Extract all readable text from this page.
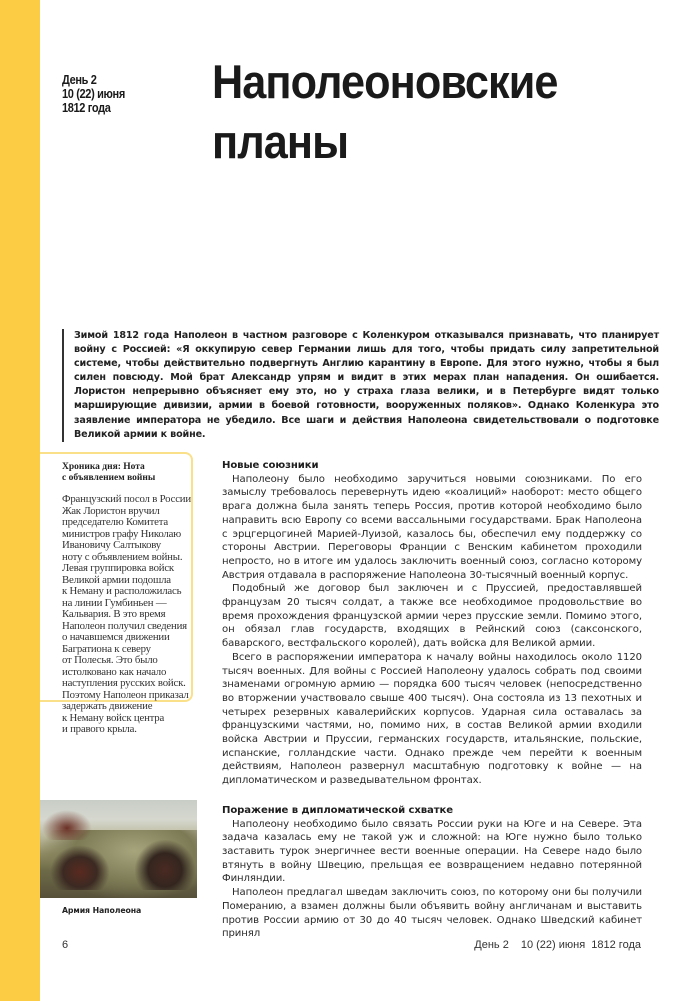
День 2
10 (22) июня
1812 года	Наполеоновские
планы
Зимой 1812 года Наполеон в частном разговоре с Коленкуром отказывался признавать, что планирует войну с Россией: «Я оккупирую север Германии лишь для того, чтобы придать силу запретительной системе, чтобы действительно подвергнуть Англию карантину в Европе. Для этого нужно, чтобы я был силен повсюду. Мой брат Александр упрям и видит в этих мерах план нападения. Он ошибается. Лористон непрерывно объясняет ему это, но у страха глаза велики, и в Петербурге видят только марширующие дивизии, армии в боевой готовности, вооруженных поляков». Однако Коленкура это заявление императора не убедило. Все шаги и действия Наполеона свидетельствовали о подготовке Великой армии к войне.
Хроника дня: Нота
с объявлением войны
Французский посол в России
Жак Лористон вручил
председателю Комитета
министров графу Николаю
Ивановичу Салтыкову
ноту с объявлением войны.
Левая группировка войск
Великой армии подошла
к Неману и расположилась
на линии Гумбиньен —
Кальвария. В это время
Наполеон получил сведения
о начавшемся движении
Багратиона к северу
от Полесья. Это было
истолковано как начало
наступления русских войск.
Поэтому Наполеон приказал
задержать движение
к Неману войск центра
и правого крыла.
Армия Наполеона
Новые союзники

Наполеону было необходимо заручиться новыми союзниками. По его замыслу требовалось перевернуть идею «коалиций» наоборот: место общего врага должна была занять теперь Россия, против которой необходимо было направить всю Европу со всеми вассальными государствами. Брак Наполеона с эрцгерцогиней Марией-Луизой, казалось бы, обеспечил ему поддержку со стороны Австрии. Переговоры Франции с Венским кабинетом проходили непросто, но в итоге им удалось заключить военный союз, согласно которому Австрия отдавала в распоряжение Наполеона 30-тысячный военный корпус.

Подобный же договор был заключен и с Пруссией, предоставлявшей французам 20 тысяч солдат, а также все необходимое продовольствие во время прохождения французской армии через прусские земли. Помимо этого, он обязал глав государств, входящих в Рейнский союз (саксонского, баварского, вестфальского королей), дать войска для Великой армии.

Всего в распоряжении императора к началу войны находилось около 1120 тысяч военных. Для войны с Россией Наполеону удалось собрать под своими знаменами огромную армию — порядка 600 тысяч человек (непосредственно во вторжении участвовало свыше 400 тысяч). Она состояла из 13 пехотных и четырех резервных кавалерийских корпусов. Ударная сила оставалась за французскими частями, но, помимо них, в состав Великой армии входили войска Австрии и Пруссии, германских государств, итальянские, польские, испанские, голландские части. Однако прежде чем перейти к военным действиям, Наполеон развернул масштабную подготовку к войне — на дипломатическом и разведывательном фронтах.

Поражение в дипломатической схватке

Наполеону необходимо было связать России руки на Юге и на Севере. Эта задача казалась ему не такой уж и сложной: на Юге нужно было только заставить турок энергичнее вести военные операции. На Севере надо было втянуть в войну Швецию, прельщая ее возвращением недавно потерянной Финляндии.

Наполеон предлагал шведам заключить союз, по которому они бы получили Померанию, а взамен должны были объявить войну англичанам и выставить против России армию от 30 до 40 тысяч человек. Однако Шведский кабинет принял

6	День 2 10 (22) июня  1812 года
